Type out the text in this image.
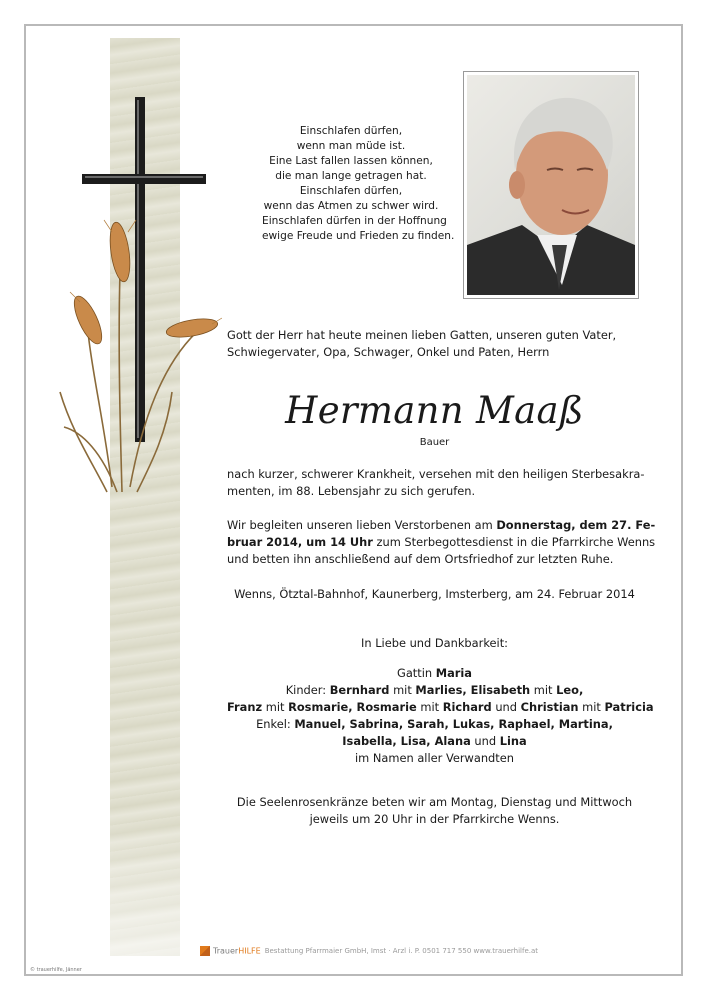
Einschlafen dürfen,
wenn man müde ist.
Eine Last fallen lassen können,
die man lange getragen hat.
Einschlafen dürfen,
wenn das Atmen zu schwer wird.
Einschlafen dürfen in der Hoffnung
ewige Freude und Frieden zu finden.
Gott der Herr hat heute meinen lieben Gatten, unseren guten Vater,
Schwiegervater, Opa, Schwager, Onkel und Paten, Herrn
Hermann Maaß
Bauer
nach kurzer, schwerer Krankheit, versehen mit den heiligen Sterbesakra-
menten, im 88. Lebensjahr zu sich gerufen.
Wir begleiten unseren lieben Verstorbenen am Donnerstag, dem 27. Fe-
bruar 2014, um 14 Uhr zum Sterbegottesdienst in die Pfarrkirche Wenns
und betten ihn anschließend auf dem Ortsfriedhof zur letzten Ruhe.
Wenns, Ötztal-Bahnhof, Kaunerberg, Imsterberg, am 24. Februar 2014
In Liebe und Dankbarkeit:
Gattin Maria
Kinder: Bernhard mit Marlies, Elisabeth mit Leo,
Franz mit Rosmarie, Rosmarie mit Richard und Christian mit Patricia
Enkel: Manuel, Sabrina, Sarah, Lukas, Raphael, Martina,
Isabella, Lisa, Alana und Lina
im Namen aller Verwandten
Die Seelenrosenkränze beten wir am Montag, Dienstag und Mittwoch
jeweils um 20 Uhr in der Pfarrkirche Wenns.
TrauerHILFE Bestattung Pfarrmaier GmbH, Imst · Arzl i. P. 0501 717 550 www.trauerhilfe.at
© trauerhilfe, Jänner
